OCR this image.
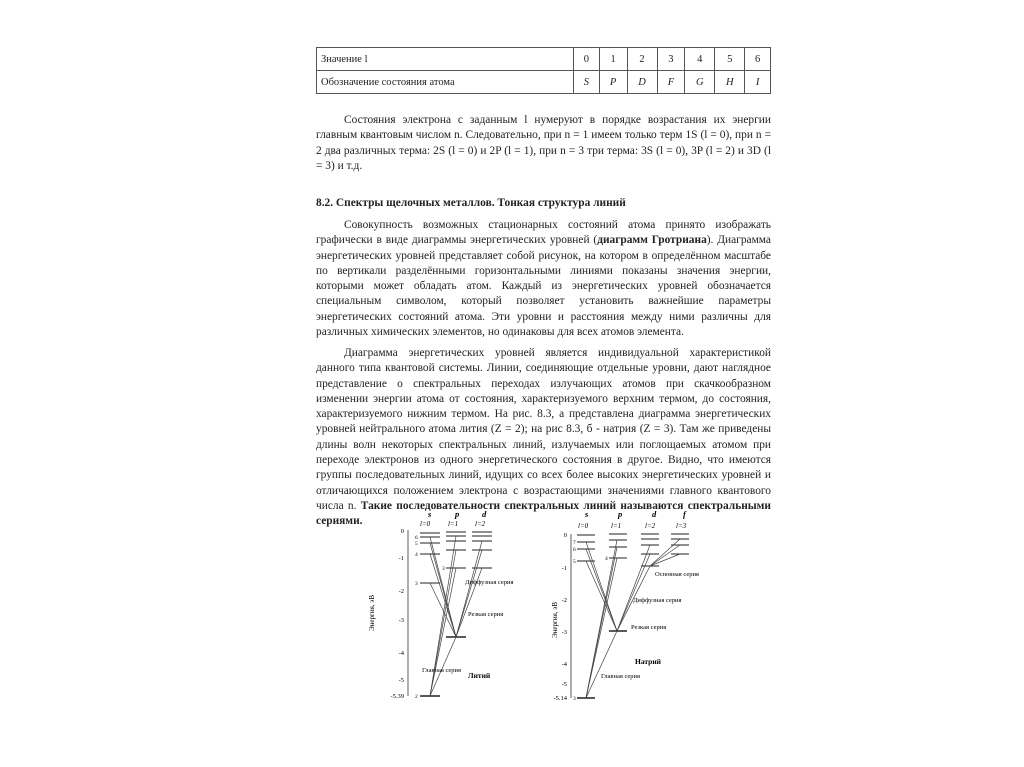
Значение l	0	1	2	3	4	5	6
Обозначение состояния атома	S	P	D	F	G	H	I

Состояния электрона с заданным l нумеруют в порядке возрастания их энергии главным квантовым числом n. Следовательно, при n = 1 имеем только терм 1S (l = 0), при n = 2 два различных терма: 2S (l = 0) и 2P (l = 1), при n = 3 три терма: 3S (l = 0), 3P (l = 2) и 3D (l = 3) и т.д.

8.2. Спектры щелочных металлов. Тонкая структура линий

Совокупность возможных стационарных состояний атома принято изображать графически в виде диаграммы энергетических уровней (диаграмм Гротриана). Диаграмма энергетических уровней представляет собой рисунок, на котором в определённом масштабе по вертикали разделёнными горизонтальными линиями показаны значения энергии, которыми может обладать атом. Каждый из энергетических уровней обозначается специальным символом, который позволяет установить важнейшие параметры энергетических состояний атома. Эти уровни и расстояния между ними различны для различных химических элементов, но одинаковы для всех атомов элемента.

Диаграмма энергетических уровней является индивидуальной характеристикой данного типа квантовой системы. Линии, соединяющие отдельные уровни, дают наглядное представление о спектральных переходах излучающих атомов при скачкообразном изменении энергии атома от состояния, характеризуемого верхним термом, до состояния, характеризуемого нижним термом. На рис. 8.3, а представлена диаграмма энергетических уровней нейтрального атома лития (Z = 2); на рис 8.3, б - натрия (Z = 3). Там же приведены длины волн некоторых спектральных линий, излучаемых или поглощаемых атомом при переходе электронов из одного энергетического состояния в другое. Видно, что имеются группы последовательных линий, идущих со всех более высоких энергетических уровней и отличающихся положением электрона с возрастающими значениями главного квантового числа n. Такие последовательности спектральных линий называются спектральными сериями.

s	p	d
l=0	l=1 l=2
0
-1
-2
-3
-4
-5
-5.39
Энергия, эВ
6
5
4
3
2
3
Диффузная серия
Резкая серия
Главная серия
Литий
s	p	d	f
l=0	l=1	l=2	l=3
0
-1
-2
-3
-4
-5
-5.14
Энергия, эВ
7
6
5	4
3
Основная серия
Диффузная серия
Резкая серия
Главная серия
Натрий
